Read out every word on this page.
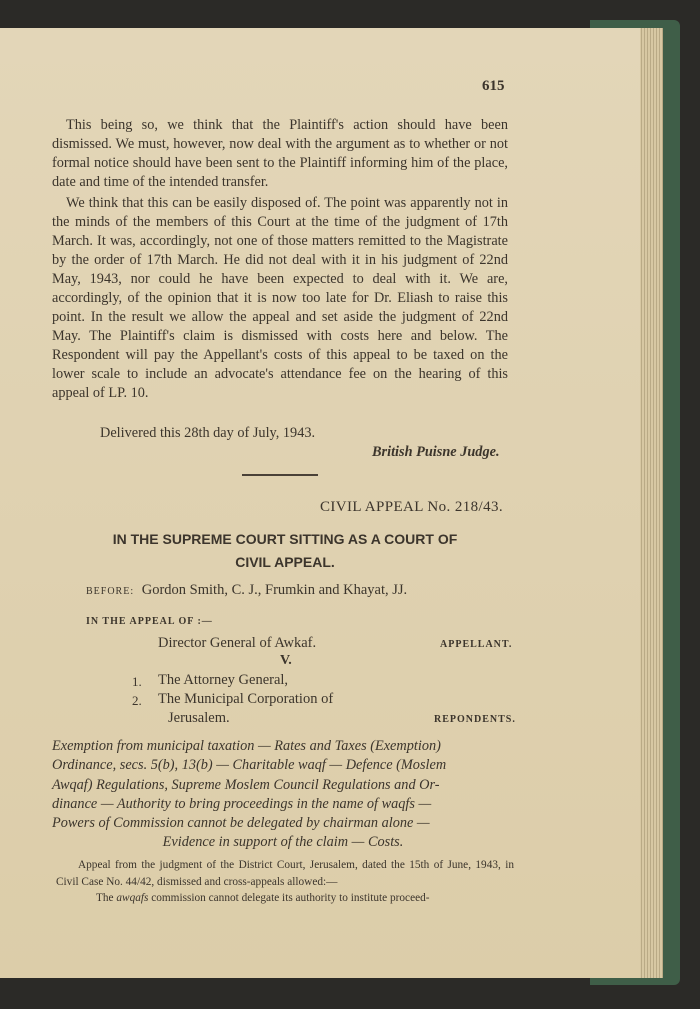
615

This being so, we think that the Plaintiff's action should have been dismissed. We must, however, now deal with the argument as to whether or not formal notice should have been sent to the Plaintiff informing him of the place, date and time of the intended transfer.

We think that this can be easily disposed of. The point was apparently not in the minds of the members of this Court at the time of the judgment of 17th March. It was, accordingly, not one of those matters remitted to the Magistrate by the order of 17th March. He did not deal with it in his judgment of 22nd May, 1943, nor could he have been expected to deal with it. We are, accordingly, of the opinion that it is now too late for Dr. Eliash to raise this point. In the result we allow the appeal and set aside the judgment of 22nd May. The Plaintiff's claim is dismissed with costs here and below. The Respondent will pay the Appellant's costs of this appeal to be taxed on the lower scale to include an advocate's attendance fee on the hearing of this appeal of LP. 10.

Delivered this 28th day of July, 1943.
British Puisne Judge.
CIVIL APPEAL No. 218/43.
IN THE SUPREME COURT SITTING AS A COURT OF
CIVIL APPEAL.
BEFORE: Gordon Smith, C. J., Frumkin and Khayat, JJ.
IN THE APPEAL OF :—
Director General of Awkaf.	APPELLANT.
V.
1. The Attorney General,
2. The Municipal Corporation of
Jerusalem.	REPONDENTS.
Exemption from municipal taxation — Rates and Taxes (Exemption)
Ordinance, secs. 5(b), 13(b) — Charitable waqf — Defence (Moslem
Awqaf) Regulations, Supreme Moslem Council Regulations and Or-
dinance — Authority to bring proceedings in the name of waqfs —
Powers of Commission cannot be delegated by chairman alone —
Evidence in support of the claim — Costs.
Appeal from the judgment of the District Court, Jerusalem, dated the 15th of June, 1943, in Civil Case No. 44/42, dismissed and cross-appeals allowed:—
The awqafs commission cannot delegate its authority to institute proceed-
